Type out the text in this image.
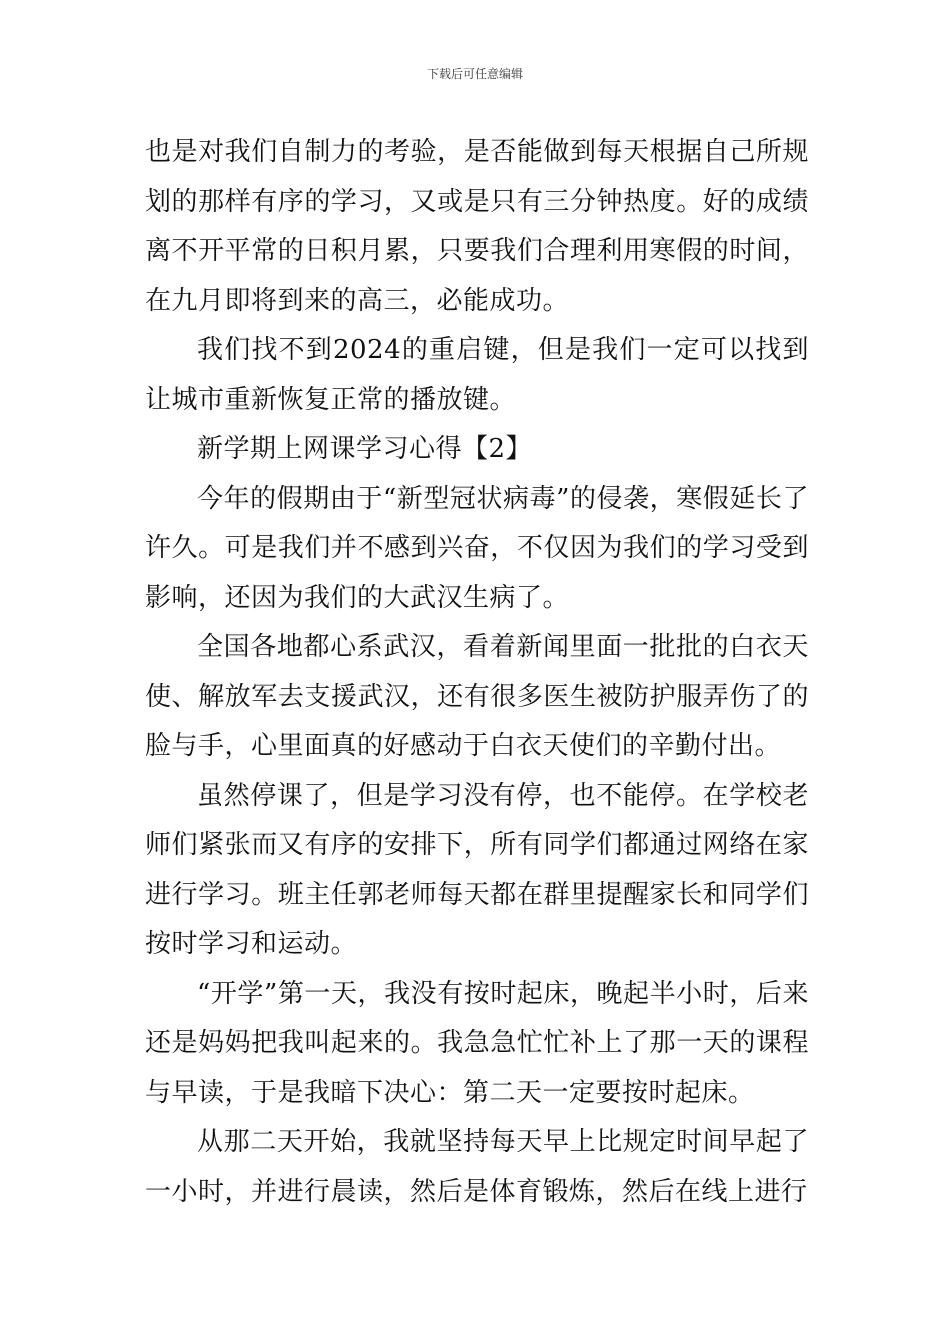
下载后可任意编辑

也是对我们自制力的考验，是否能做到每天根据自己所规划的那样有序的学习，又或是只有三分钟热度。好的成绩离不开平常的日积月累，只要我们合理利用寒假的时间，在九月即将到来的高三，必能成功。

我们找不到2024的重启键，但是我们一定可以找到让城市重新恢复正常的播放键。

新学期上网课学习心得【2】

今年的假期由于“新型冠状病毒”的侵袭，寒假延长了许久。可是我们并不感到兴奋，不仅因为我们的学习受到影响，还因为我们的大武汉生病了。

全国各地都心系武汉，看着新闻里面一批批的白衣天使、解放军去支援武汉，还有很多医生被防护服弄伤了的脸与手，心里面真的好感动于白衣天使们的辛勤付出。

虽然停课了，但是学习没有停，也不能停。在学校老师们紧张而又有序的安排下，所有同学们都通过网络在家进行学习。班主任郭老师每天都在群里提醒家长和同学们按时学习和运动。

“开学”第一天，我没有按时起床，晚起半小时，后来还是妈妈把我叫起来的。我急急忙忙补上了那一天的课程与早读，于是我暗下决心：第二天一定要按时起床。

从那二天开始，我就坚持每天早上比规定时间早起了一小时，并进行晨读，然后是体育锻炼，然后在线上进行
